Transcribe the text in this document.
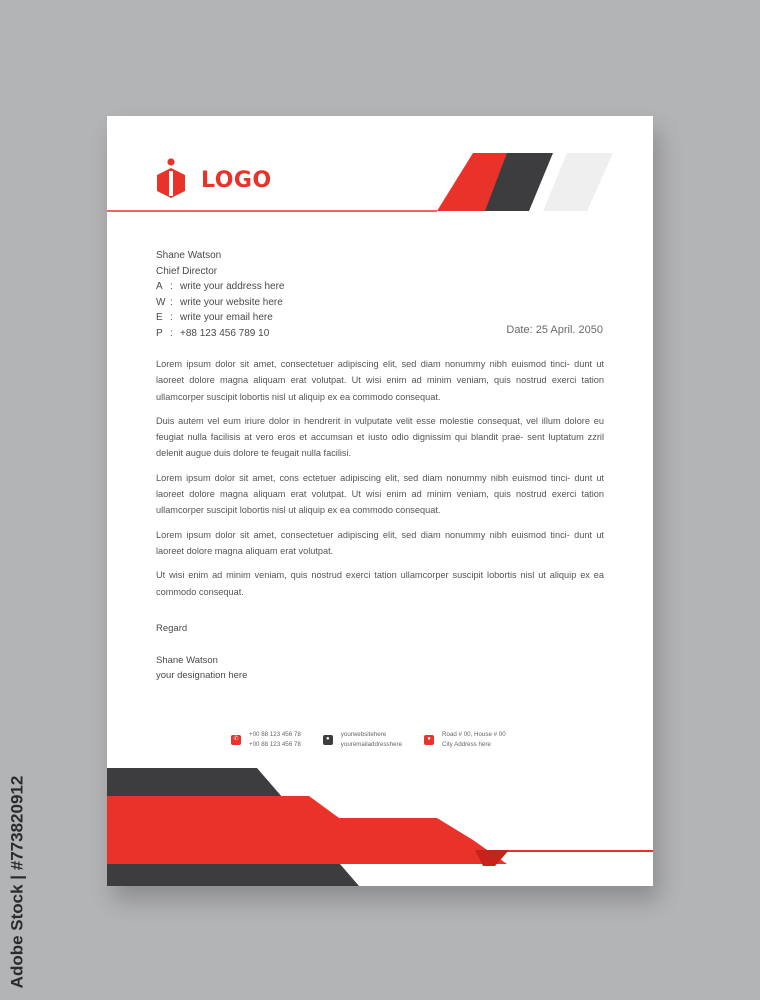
LOGO
Shane Watson
Chief Director
A : write your address here
W : write your website here
E : write your email here
P : +88 123 456 789 10	Date: 25 April. 2050

Lorem ipsum dolor sit amet, consectetuer adipiscing elit, sed diam nonummy nibh euismod tinci- dunt ut laoreet dolore magna aliquam erat volutpat. Ut wisi enim ad minim veniam, quis nostrud exerci tation ullamcorper suscipit lobortis nisl ut aliquip ex ea commodo consequat.

Duis autem vel eum iriure dolor in hendrerit in vulputate velit esse molestie consequat, vel illum dolore eu feugiat nulla facilisis at vero eros et accumsan et iusto odio dignissim qui blandit prae- sent luptatum zzril delenit augue duis dolore te feugait nulla facilisi.

Lorem ipsum dolor sit amet, cons ectetuer adipiscing elit, sed diam nonummy nibh euismod tinci- dunt ut laoreet dolore magna aliquam erat volutpat. Ut wisi enim ad minim veniam, quis nostrud exerci tation ullamcorper suscipit lobortis nisl ut aliquip ex ea commodo consequat.

Lorem ipsum dolor sit amet, consectetuer adipiscing elit, sed diam nonummy nibh euismod tinci- dunt ut laoreet dolore magna aliquam erat volutpat.

Ut wisi enim ad minim veniam, quis nostrud exerci tation ullamcorper suscipit lobortis nisl ut aliquip ex ea commodo consequat.

Regard
Shane Watson
your designation here
✆
+00 88 123 456 78
+00 88 123 456 78
●
yourwebsitehere
youremailaddresshere
●
Road # 00, House # 00
City Address here
Adobe Stock | #773820912
